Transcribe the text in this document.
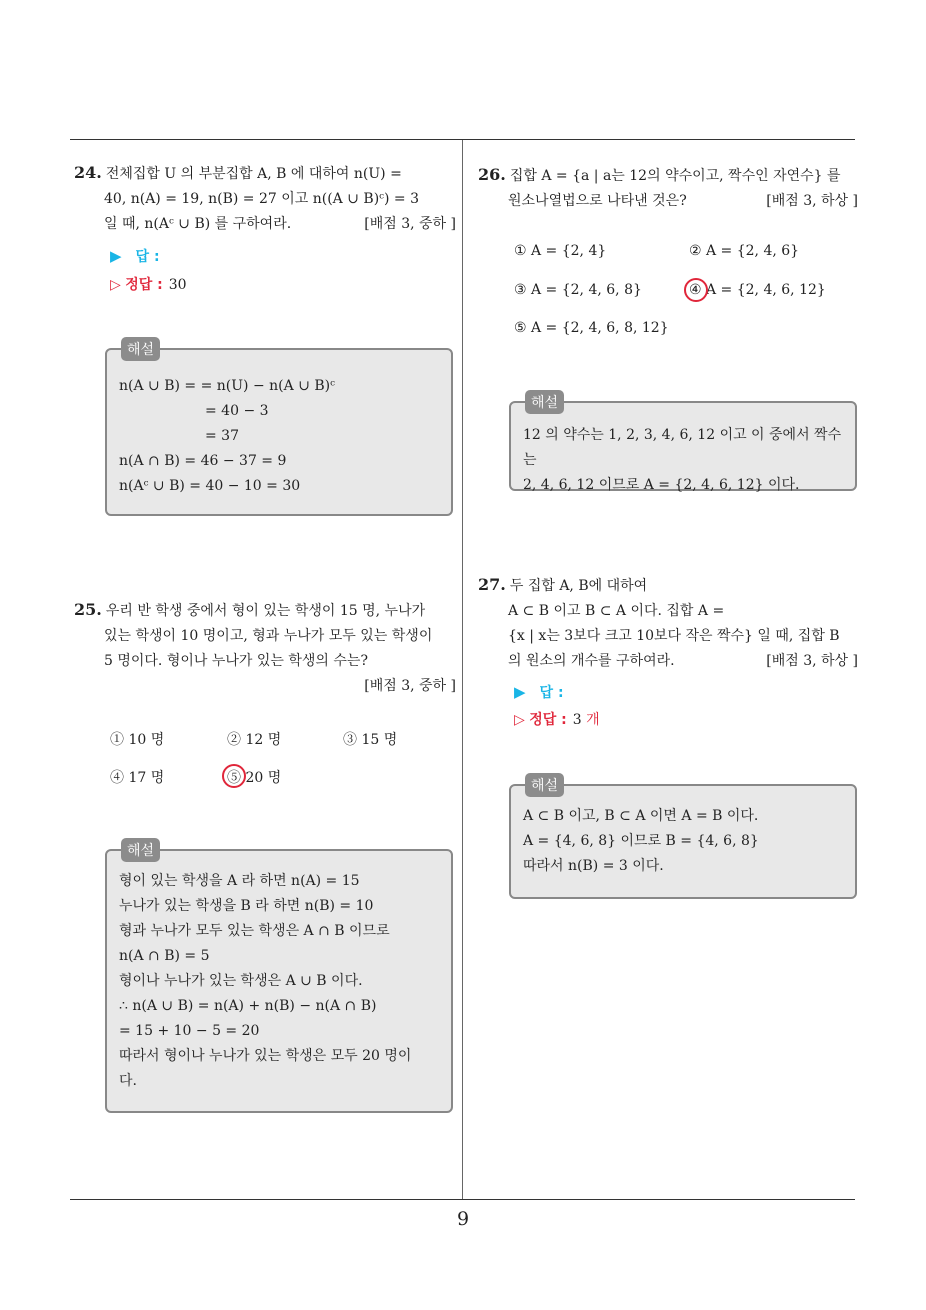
9
24. 전체집합 U 의 부분집합 A, B 에 대하여 n(U) =
40, n(A) = 19, n(B) = 27 이고 n((A ∪ B)ᶜ) = 3
일 때, n(Aᶜ ∪ B) 를 구하여라.	[배점 3, 중하 ]
▶ 답 :
▷ 정답 : 30
해설
n(A ∪ B) = = n(U) − n(A ∪ B)ᶜ
= 40 − 3
= 37
n(A ∩ B) = 46 − 37 = 9
n(Aᶜ ∪ B) = 40 − 10 = 30
25. 우리 반 학생 중에서 형이 있는 학생이 15 명, 누나가
있는 학생이 10 명이고, 형과 누나가 모두 있는 학생이
5 명이다. 형이나 누나가 있는 학생의 수는?
[배점 3, 중하 ]
① 10 명	② 12 명	③ 15 명
④ 17 명	⑤ 20 명
해설
형이 있는 학생을 A 라 하면 n(A) = 15
누나가 있는 학생을 B 라 하면 n(B) = 10
형과 누나가 모두 있는 학생은 A ∩ B 이므로
n(A ∩ B) = 5
형이나 누나가 있는 학생은 A ∪ B 이다.
∴ n(A ∪ B) = n(A) + n(B) − n(A ∩ B)
= 15 + 10 − 5 = 20
따라서 형이나 누나가 있는 학생은 모두 20 명이
다.
26. 집합 A = {a | a는 12의 약수이고, 짝수인 자연수} 를
원소나열법으로 나타낸 것은?	[배점 3, 하상 ]
① A = {2, 4}	② A = {2, 4, 6}
③ A = {2, 4, 6, 8}	④ A = {2, 4, 6, 12}
⑤ A = {2, 4, 6, 8, 12}
해설
12 의 약수는 1, 2, 3, 4, 6, 12 이고 이 중에서 짝수는
2, 4, 6, 12 이므로 A = {2, 4, 6, 12} 이다.
27. 두 집합 A, B에 대하여
A ⊂ B 이고 B ⊂ A 이다. 집합 A =
{x | x는 3보다 크고 10보다 작은 짝수} 일 때, 집합 B
의 원소의 개수를 구하여라.	[배점 3, 하상 ]
▶ 답 :
▷ 정답 : 3 개
해설
A ⊂ B 이고, B ⊂ A 이면 A = B 이다.
A = {4, 6, 8} 이므로 B = {4, 6, 8}
따라서 n(B) = 3 이다.
